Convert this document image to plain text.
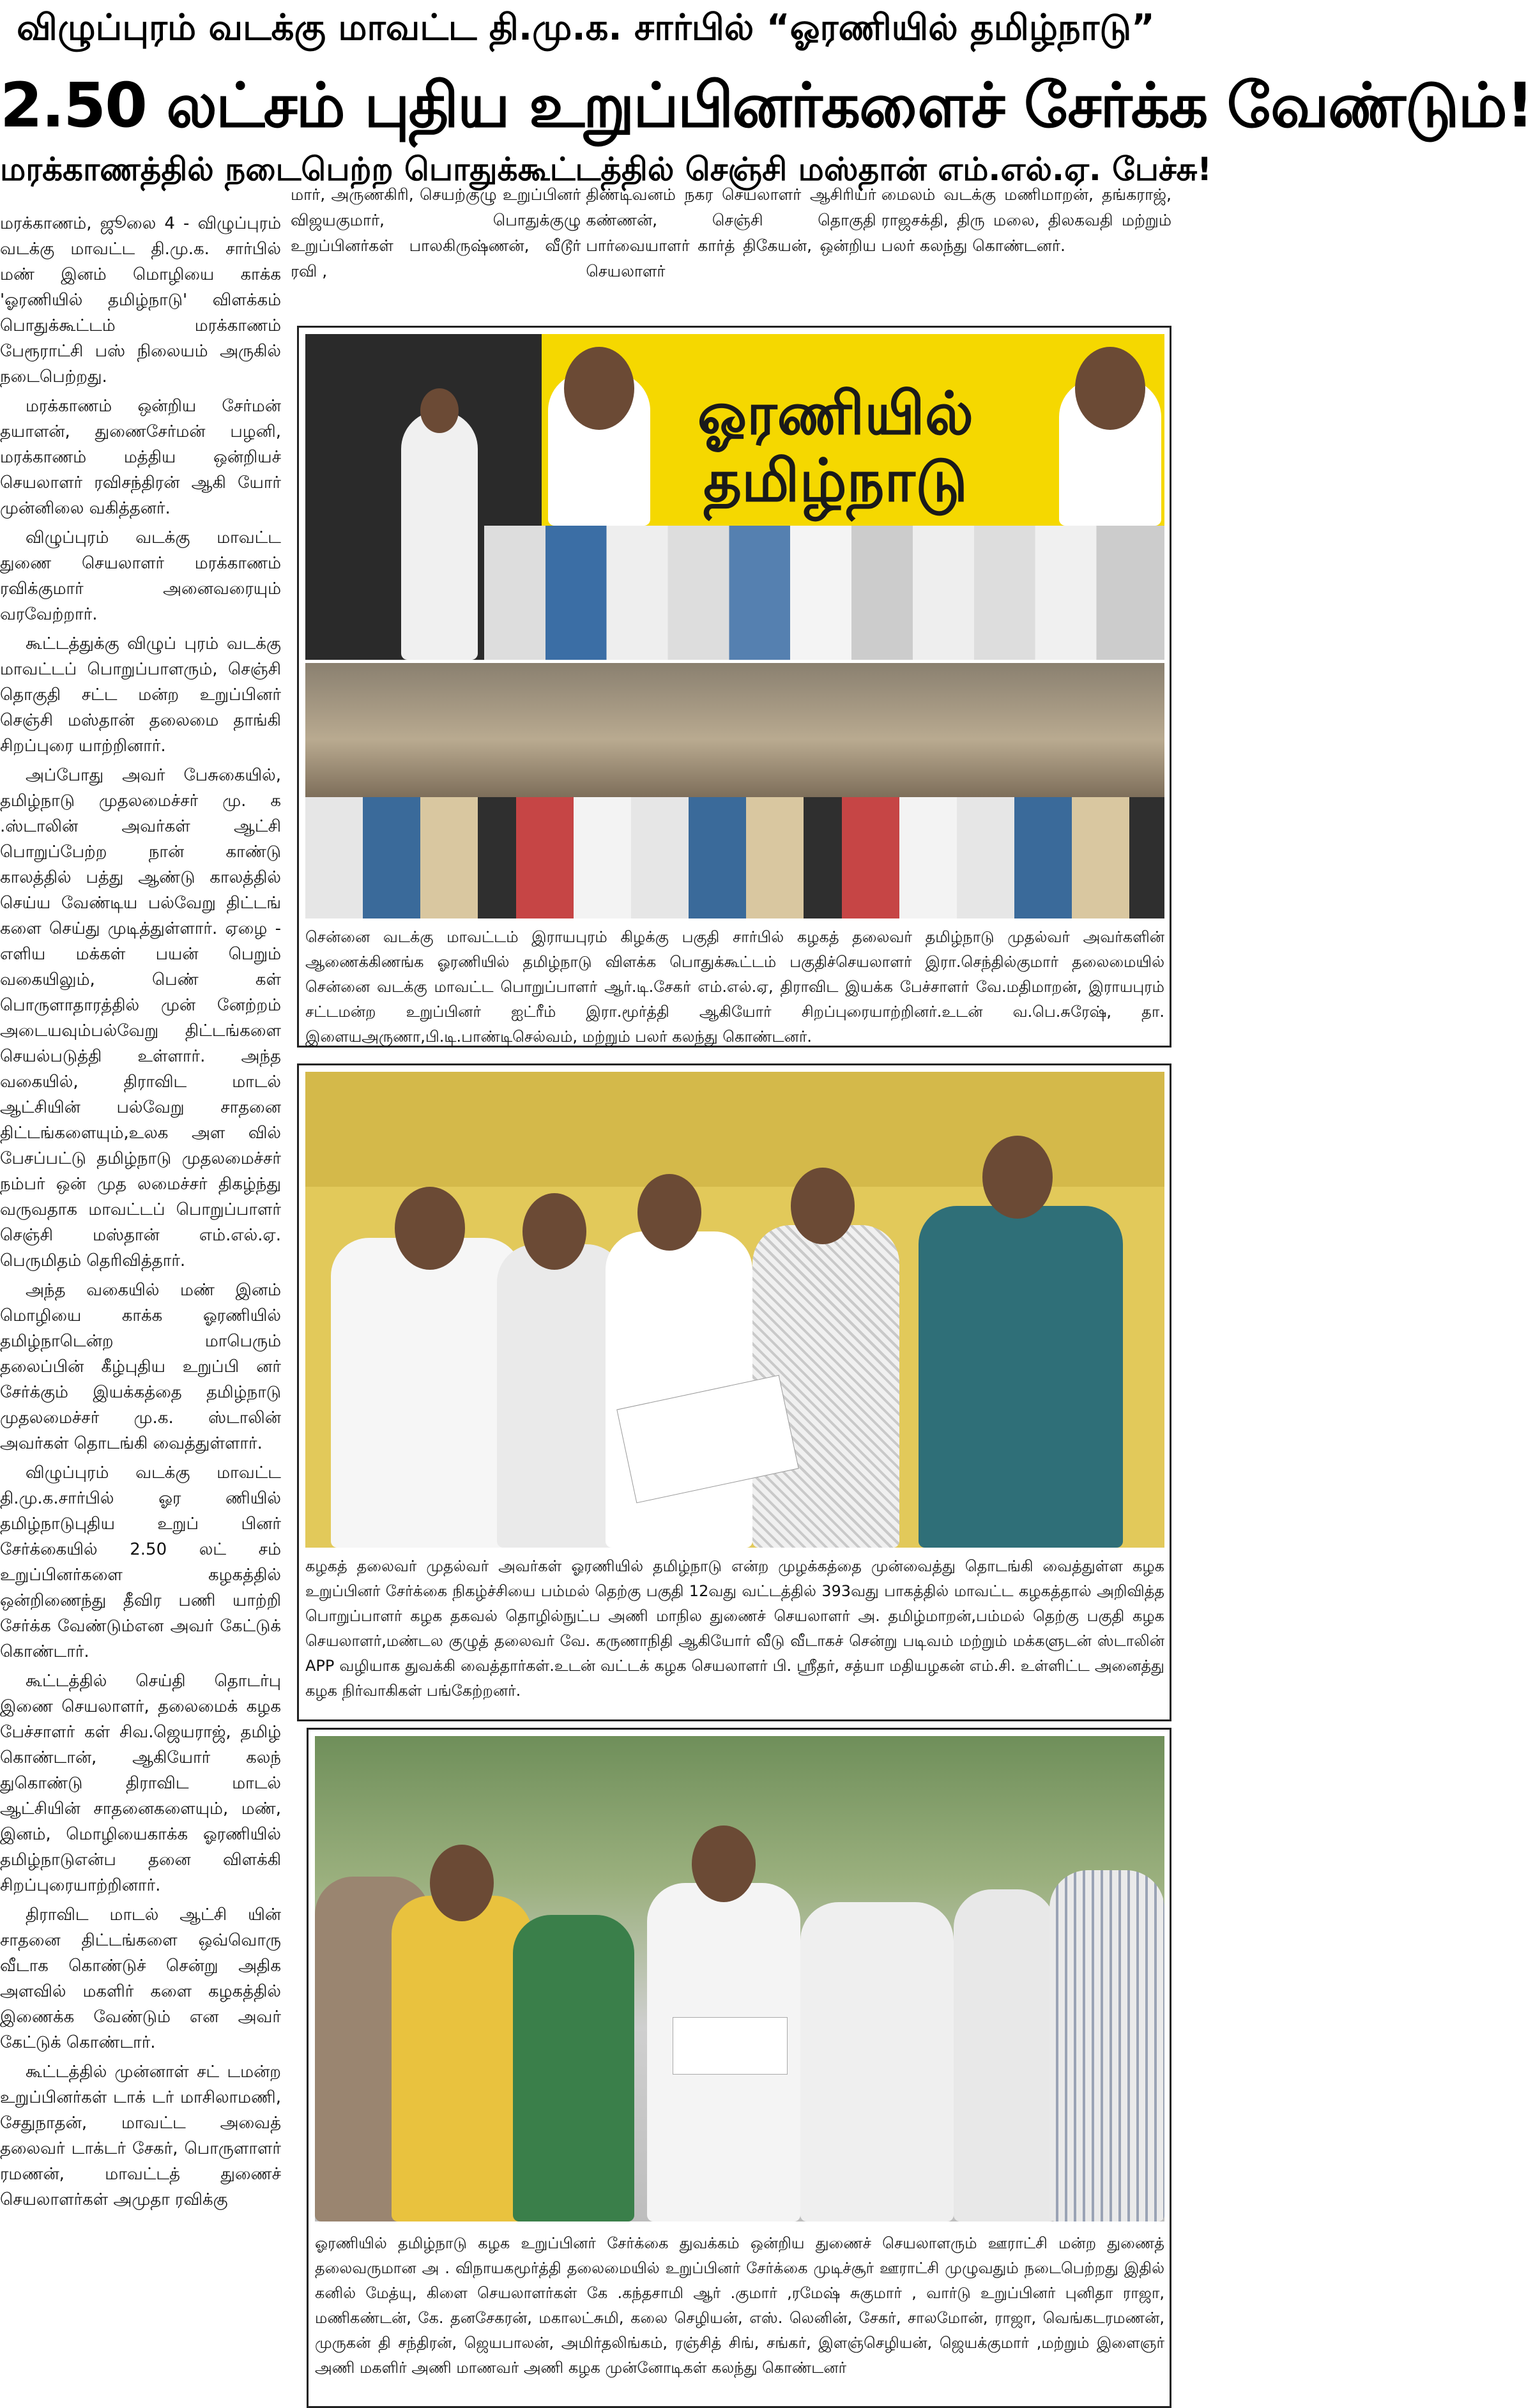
விழுப்புரம் வடக்கு மாவட்ட தி.மு.க. சார்பில் “ஓரணியில் தமிழ்நாடு”
2.50 லட்சம் புதிய உறுப்பினர்களைச் சேர்க்க வேண்டும்!
மரக்காணத்தில் நடைபெற்ற பொதுக்கூட்டத்தில் செஞ்சி மஸ்தான் எம்.எல்.ஏ. பேச்சு!

மார், அருணகிரி, செயற்குழு உறுப்பினர் விஜயகுமார், பொதுக்குழு உறுப்பினர்கள் பாலகிருஷ்ணன், வீடூர் ரவி ,

திண்டிவனம் நகர செயலாளர் ஆசிரியர் கண்ணன், செஞ்சி தொகுதி பார்வையாளர் கார்த் திகேயன், ஒன்றிய செயலாளர்

மைலம் வடக்கு மணிமாறன், தங்கராஜ், ராஜசக்தி, திரு மலை, திலகவதி மற்றும் பலர் கலந்து கொண்டனர்.

மரக்காணம், ஜூலை 4 - விழுப்புரம் வடக்கு மாவட்ட தி.மு.க. சார்பில் மண் இனம் மொழியை காக்க 'ஓரணியில் தமிழ்நாடு' விளக்கம் பொதுக்கூட்டம் மரக்காணம் பேரூராட்சி பஸ் நிலையம் அருகில் நடைபெற்றது.

மரக்காணம் ஒன்றிய சேர்மன் தயாளன், துணைசேர்மன் பழனி, மரக்காணம் மத்திய ஒன்றியச் செயலாளர் ரவிசந்திரன் ஆகி யோர் முன்னிலை வகித்தனர்.

விழுப்புரம் வடக்கு மாவட்ட துணை செயலாளர் மரக்காணம் ரவிக்குமார் அனைவரையும் வரவேற்றார்.

கூட்டத்துக்கு விழுப் புரம் வடக்கு மாவட்டப் பொறுப்பாளரும், செஞ்சி தொகுதி சட்ட மன்ற உறுப்பினர் செஞ்சி மஸ்தான் தலைமை தாங்கி சிறப்புரை யாற்றினார்.

அப்போது அவர் பேசுகையில், தமிழ்நாடு முதலமைச்சர் மு. க .ஸ்டாலின் அவர்கள் ஆட்சி பொறுப்பேற்ற நான் காண்டு காலத்தில் பத்து ஆண்டு காலத்தில் செய்ய வேண்டிய பல்வேறு திட்டங் களை செய்து முடித்துள்ளார். ஏழை - எளிய மக்கள் பயன் பெறும் வகையிலும், பெண் கள் பொருளாதாரத்தில் முன் னேற்றம் அடையவும்பல்வேறு திட்டங்களை செயல்படுத்தி உள்ளார். அந்த வகையில், திராவிட மாடல் ஆட்சியின் பல்வேறு சாதனை திட்டங்களையும்,உலக அள வில் பேசப்பட்டு தமிழ்நாடு முதலமைச்சர் நம்பர் ஒன் முத லமைச்சர் திகழ்ந்து வருவதாக மாவட்டப் பொறுப்பாளர் செஞ்சி மஸ்தான் எம்.எல்.ஏ. பெருமிதம் தெரிவித்தார்.

அந்த வகையில் மண் இனம் மொழியை காக்க ஓரணியில் தமிழ்நாடென்ற மாபெரும் தலைப்பின் கீழ்புதிய உறுப்பி னர் சேர்க்கும் இயக்கத்தை தமிழ்நாடு முதலமைச்சர் மு.க. ஸ்டாலின் அவர்கள் தொடங்கி வைத்துள்ளார்.

விழுப்புரம் வடக்கு மாவட்ட தி.மு.க.சார்பில் ஓர ணியில் தமிழ்நாடுபுதிய உறுப் பினர் சேர்க்கையில் 2.50 லட் சம் உறுப்பினர்களை கழகத்தில் ஒன்றிணைந்து தீவிர பணி யாற்றி சேர்க்க வேண்டும்என அவர் கேட்டுக் கொண்டார்.

கூட்டத்தில் செய்தி தொடர்பு இணை செயலாளர், தலைமைக் கழக பேச்சாளர் கள் சிவ.ஜெயராஜ், தமிழ் கொண்டான், ஆகியோர் கலந் துகொண்டு திராவிட மாடல் ஆட்சியின் சாதனைகளையும், மண், இனம், மொழியைகாக்க ஓரணியில் தமிழ்நாடுஎன்ப தனை விளக்கி சிறப்புரையாற்றினார்.

திராவிட மாடல் ஆட்சி யின் சாதனை திட்டங்களை ஒவ்வொரு வீடாக கொண்டுச் சென்று அதிக அளவில் மகளிர் களை கழகத்தில் இணைக்க வேண்டும் என அவர் கேட்டுக் கொண்டார்.

கூட்டத்தில் முன்னாள் சட் டமன்ற உறுப்பினர்கள் டாக் டர் மாசிலாமணி, சேதுநாதன், மாவட்ட அவைத் தலைவர் டாக்டர் சேகர், பொருளாளர் ரமணன், மாவட்டத் துணைச் செயலாளர்கள் அமுதா ரவிக்கு

ஓரணியில்
தமிழ்நாடு
சென்னை வடக்கு மாவட்டம் இராயபுரம் கிழக்கு பகுதி சார்பில் கழகத் தலைவர் தமிழ்நாடு முதல்வர் அவர்களின் ஆணைக்கிணங்க ஓரணியில் தமிழ்நாடு விளக்க பொதுக்கூட்டம் பகுதிச்செயலாளர் இரா.செந்தில்குமார் தலைமையில் சென்னை வடக்கு மாவட்ட பொறுப்பாளர் ஆர்.டி.சேகர் எம்.எல்.ஏ, திராவிட இயக்க பேச்சாளர் வே.மதிமாறன், இராயபுரம் சட்டமன்ற உறுப்பினர் ஐட்ரீம் இரா.மூர்த்தி ஆகியோர் சிறப்புரையாற்றினர்.உடன் வ.பெ.சுரேஷ், தா. இளையஅருணா,பி.டி.பாண்டிசெல்வம், மற்றும் பலர் கலந்து கொண்டனர்.
கழகத் தலைவர் முதல்வர் அவர்கள் ஓரணியில் தமிழ்நாடு என்ற முழக்கத்தை முன்வைத்து தொடங்கி வைத்துள்ள கழக உறுப்பினர் சேர்க்கை நிகழ்ச்சியை பம்மல் தெற்கு பகுதி 12வது வட்டத்தில் 393வது பாகத்தில் மாவட்ட கழகத்தால் அறிவித்த பொறுப்பாளர் கழக தகவல் தொழில்நுட்ப அணி மாநில துணைச் செயலாளர் அ. தமிழ்மாறன்,பம்மல் தெற்கு பகுதி கழக செயலாளர்,மண்டல குழுத் தலைவர் வே. கருணாநிதி ஆகியோர் வீடு வீடாகச் சென்று படிவம் மற்றும் மக்களுடன் ஸ்டாலின் APP வழியாக துவக்கி வைத்தார்கள்.உடன் வட்டக் கழக செயலாளர் பி. ஸ்ரீதர், சத்யா மதியழகன் எம்.சி. உள்ளிட்ட அனைத்து கழக நிர்வாகிகள் பங்கேற்றனர்.
ஓரணியில் தமிழ்நாடு கழக உறுப்பினர் சேர்க்கை துவக்கம் ஒன்றிய துணைச் செயலாளரும் ஊராட்சி மன்ற துணைத் தலைவருமான அ . விநாயகமூர்த்தி தலைமையில் உறுப்பினர் சேர்க்கை முடிச்சூர் ஊராட்சி முழுவதும் நடைபெற்றது இதில் கனில் மேத்யு, கிளை செயலாளர்கள் கே .கந்தசாமி ஆர் .குமார் ,ரமேஷ் சுகுமார் , வார்டு உறுப்பினர் புனிதா ராஜா, மணிகண்டன், கே. தனசேகரன், மகாலட்சுமி, கலை செழியன், எஸ். லெனின், சேகர், சாலமோன், ராஜா, வெங்கடரமணன், முருகன் தி சந்திரன், ஜெயபாலன், அமிர்தலிங்கம், ரஞ்சித் சிங், சங்கர், இளஞ்செழியன், ஜெயக்குமார் ,மற்றும் இளைஞர் அணி மகளிர் அணி மாணவர் அணி கழக முன்னோடிகள் கலந்து கொண்டனர்
